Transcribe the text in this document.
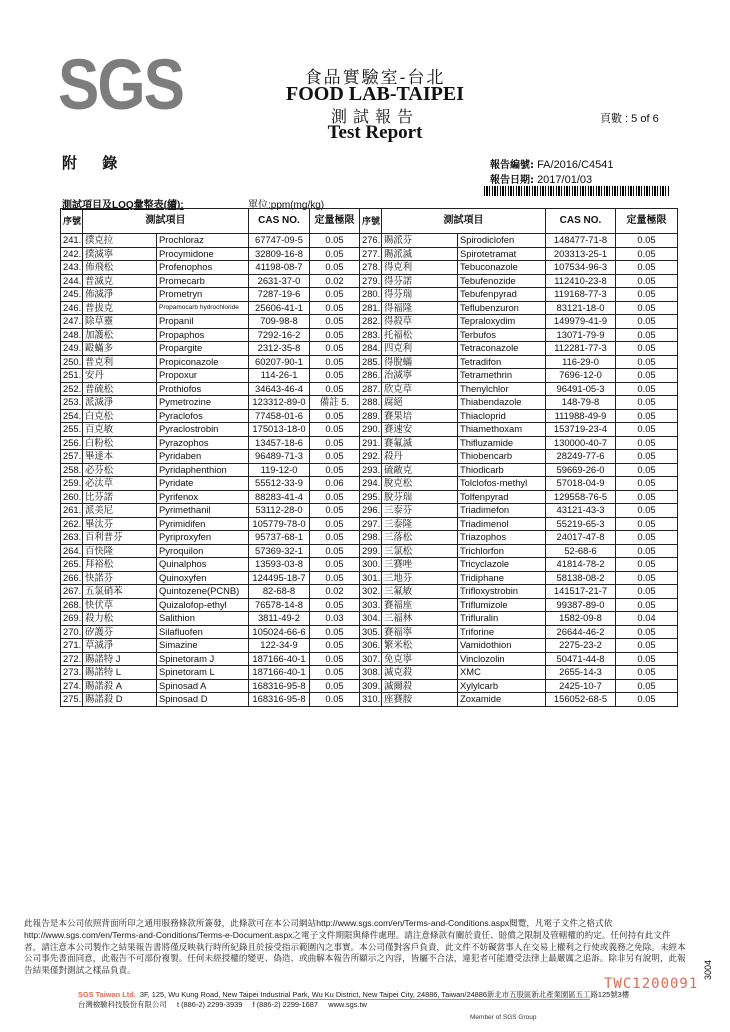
SGS	食品實驗室-台北
FOOD LAB-TAIPEI
測試報告
Test Report
頁數 : 5 of 6
附 錄	報告編號: FA/2016/C4541
報告日期: 2017/01/03
測試項目及LOQ彙整表(續):	單位:ppm(mg/kg)
序號	測試項目		CAS NO.	定量極限	序號	測試項目		CAS NO.	定量極限
241.	撲克拉	Prochloraz	67747-09-5	0.05	276.	賜派芬	Spirodiclofen	148477-71-8	0.05
242.	撲滅寧	Procymidone	32809-16-8	0.05	277.	賜派滅	Spirotetramat	203313-25-1	0.05
243.	佈飛松	Profenophos	41198-08-7	0.05	278.	得克利	Tebuconazole	107534-96-3	0.05
244.	普滅克	Promecarb	2631-37-0	0.02	279.	得芬諾	Tebufenozide	112410-23-8	0.05
245.	佈滅淨	Prometryn	7287-19-6	0.05	280.	得芬瑞	Tebufenpyrad	119168-77-3	0.05
246.	普拔克	Propamocarb hydrochloride	25606-41-1	0.05	281.	得福隆	Teflubenzuron	83121-18-0	0.05
247.	除草靈	Propanil	709-98-8	0.05	282.	得殺草	Tepraloxydim	149979-41-9	0.05
248.	加護松	Propaphos	7292-16-2	0.05	283.	托福松	Terbufos	13071-79-9	0.05
249.	毆蟎多	Propargite	2312-35-8	0.05	284.	四克利	Tetraconazole	112281-77-3	0.05
250.	普克利	Propiconazole	60207-90-1	0.05	285.	得脫蟎	Tetradifon	116-29-0	0.05
251.	安丹	Propoxur	114-26-1	0.05	286.	治滅寧	Tetramethrin	7696-12-0	0.05
252.	普硫松	Prothiofos	34643-46-4	0.05	287.	欣克草	Thenylchlor	96491-05-3	0.05
253.	派滅淨	Pymetrozine	123312-89-0	備註 5.	288.	腐絕	Thiabendazole	148-79-8	0.05
254.	白克松	Pyraclofos	77458-01-6	0.05	289.	賽果培	Thiacloprid	111988-49-9	0.05
255.	百克敏	Pyraclostrobin	175013-18-0	0.05	290.	賽速安	Thiamethoxam	153719-23-4	0.05
256.	白粉松	Pyrazophos	13457-18-6	0.05	291.	賽氟滅	Thifluzamide	130000-40-7	0.05
257.	畢達本	Pyridaben	96489-71-3	0.05	292.	殺丹	Thiobencarb	28249-77-6	0.05
258.	必芬松	Pyridaphenthion	119-12-0	0.05	293.	硫敵克	Thiodicarb	59669-26-0	0.05
259.	必汰草	Pyridate	55512-33-9	0.06	294.	脫克松	Tolclofos-methyl	57018-04-9	0.05
260.	比芬諾	Pyrifenox	88283-41-4	0.05	295.	脫芬瑞	Tolfenpyrad	129558-76-5	0.05
261.	派美尼	Pyrimethanil	53112-28-0	0.05	296.	三泰芬	Triadimefon	43121-43-3	0.05
262.	畢汰芬	Pyrimidifen	105779-78-0	0.05	297.	三泰隆	Triadimenol	55219-65-3	0.05
263.	百利普芬	Pyriproxyfen	95737-68-1	0.05	298.	三落松	Triazophos	24017-47-8	0.05
264.	百快隆	Pyroquilon	57369-32-1	0.05	299.	三氯松	Trichlorfon	52-68-6	0.05
265.	拜裕松	Quinalphos	13593-03-8	0.05	300.	三賽唑	Tricyclazole	41814-78-2	0.05
266.	快諾芬	Quinoxyfen	124495-18-7	0.05	301.	三地芬	Tridiphane	58138-08-2	0.05
267.	五氯硝苯	Quintozene(PCNB)	82-68-8	0.02	302.	三氟敏	Trifloxystrobin	141517-21-7	0.05
268.	快伏草	Quizalofop-ethyl	76578-14-8	0.05	303.	賽福座	Triflumizole	99387-89-0	0.05
269.	殺力松	Salithion	3811-49-2	0.03	304.	三福林	Trifluralin	1582-09-8	0.04
270.	矽護芬	Silafluofen	105024-66-6	0.05	305.	賽福寧	Triforine	26644-46-2	0.05
271.	草滅淨	Simazine	122-34-9	0.05	306.	繁米松	Vamidothion	2275-23-2	0.05
272.	賜諾特 J	Spinetoram J	187166-40-1	0.05	307.	免克寧	Vinclozolin	50471-44-8	0.05
273.	賜諾特 L	Spinetoram L	187166-40-1	0.05	308.	滅克殺	XMC	2655-14-3	0.05
274.	賜諾殺 A	Spinosad A	168316-95-8	0.05	309.	滅爾殺	Xylylcarb	2425-10-7	0.05
275.	賜諾殺 D	Spinosad D	168316-95-8	0.05	310.	座賽胺	Zoxamide	156052-68-5	0.05
此報告是本公司依照背面所印之通用服務條款所簽發，此條款可在本公司網站http://www.sgs.com/en/Terms-and-Conditions.aspx閱覽，凡電子文件之格式依http://www.sgs.com/en/Terms-and-Conditions/Terms-e-Document.aspx之電子文件期限與條件處理。請注意條款有關於責任、賠償之限制及管轄權的約定。任何持有此文件者，請注意本公司製作之結果報告書將僅反映執行時所紀錄且於接受指示範圍內之事實。本公司僅對客戶負責，此文件不妨礙當事人在交易上權利之行使或義務之免除。未經本公司事先書面同意，此報告不可部份複製。任何未經授權的變更、偽造、或曲解本報告所顯示之內容，皆屬不合法，違犯者可能遭受法律上最嚴厲之追訴。除非另有說明，此報告結果僅對測試之樣品負責。
TWC1200091
3004
SGS Taiwan Ltd. 3F, 125, Wu Kung Road, New Taipei Industrial Park, Wu Ku District, New Taipei City, 24886, Taiwan/24886新北市五股區新北產業園區五工路125號3樓
台灣檢驗科技股份有限公司 t (886-2) 2299-3939 f (886-2) 2299-1687 www.sgs.tw
Member of SGS Group
